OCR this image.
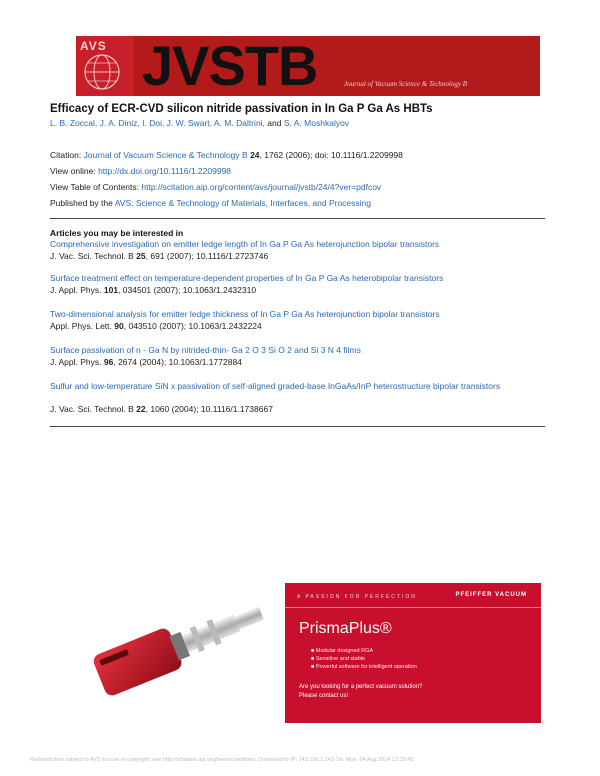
AVS JVSTB	Journal of Vacuum Science & Technology B
Efficacy of ECR-CVD silicon nitride passivation in In Ga P Ga As HBTs
L. B. Zoccal, J. A. Diniz, I. Doi, J. W. Swart, A. M. Daltrini, and S. A. Moshkalyov
Citation: Journal of Vacuum Science & Technology B 24, 1762 (2006); doi: 10.1116/1.2209998
View online: http://dx.doi.org/10.1116/1.2209998
View Table of Contents: http://scitation.aip.org/content/avs/journal/jvstb/24/4?ver=pdfcov
Published by the AVS: Science & Technology of Materials, Interfaces, and Processing
Articles you may be interested in
Comprehensive investigation on emitter ledge length of In Ga P Ga As heterojunction bipolar transistors
J. Vac. Sci. Technol. B 25, 691 (2007); 10.1116/1.2723746
Surface treatment effect on temperature-dependent properties of In Ga P Ga As heterobipolar transistors
J. Appl. Phys. 101, 034501 (2007); 10.1063/1.2432310
Two-dimensional analysis for emitter ledge thickness of In Ga P Ga As heterojunction bipolar transistors
Appl. Phys. Lett. 90, 043510 (2007); 10.1063/1.2432224
Surface passivation of n - Ga N by nitrided-thin- Ga 2 O 3 Si O 2 and Si 3 N 4 films
J. Appl. Phys. 96, 2674 (2004); 10.1063/1.1772884
Sulfur and low-temperature SiN x passivation of self-aligned graded-base InGaAs/InP heterostructure bipolar transistors
J. Vac. Sci. Technol. B 22, 1060 (2004); 10.1116/1.1738667
A PASSION FOR PERFECTION	PFEIFFER VACUUM
PrismaPlus®
■ Modular designed RGA
■ Sensitive and stable
■ Powerful software for intelligent operation
Are you looking for a perfect vacuum solution?
Please contact us!
Redistribution subject to AVS license or copyright; see http://scitation.aip.org/termsconditions. Download to IP: 143.106.1.143 On: Mon, 04 Aug 2014 12:18:45
